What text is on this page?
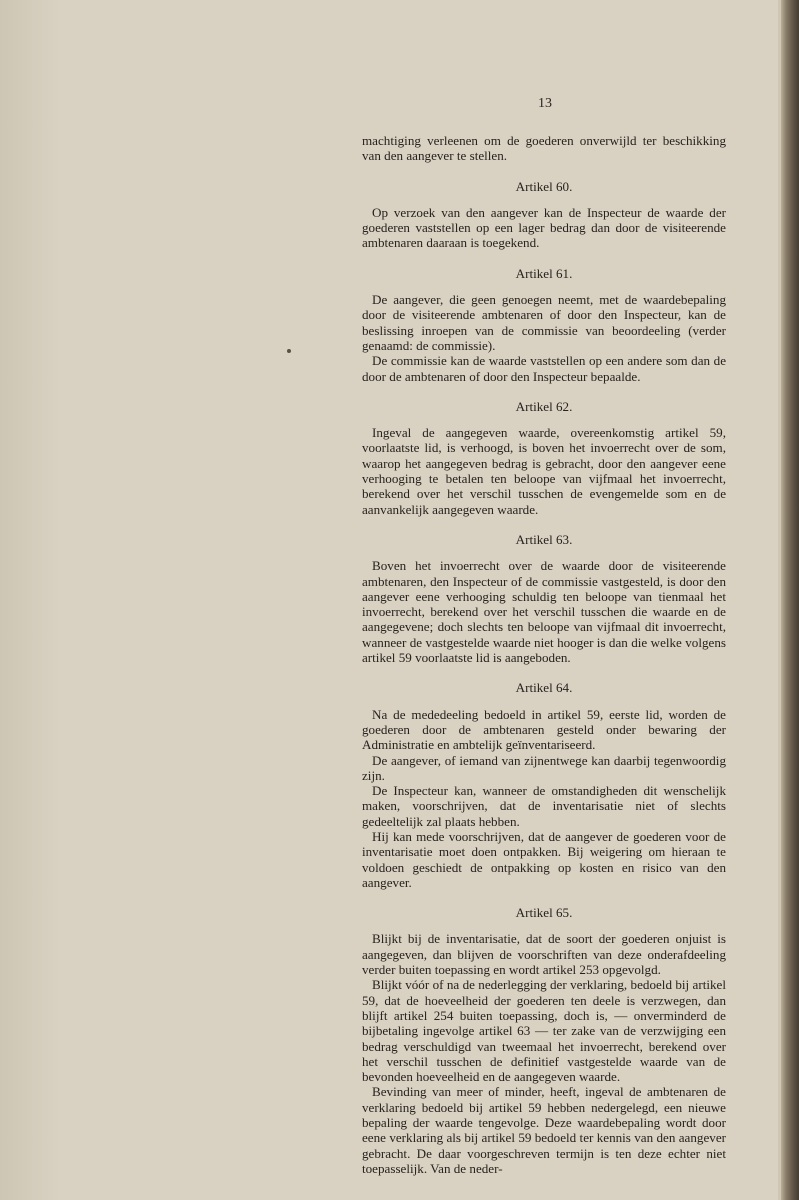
13

machtiging verleenen om de goederen onverwijld ter beschikking van den aangever te stellen.

Artikel 60.

Op verzoek van den aangever kan de Inspecteur de waarde der goederen vaststellen op een lager bedrag dan door de visiteerende ambtenaren daaraan is toegekend.

Artikel 61.

De aangever, die geen genoegen neemt, met de waardebepaling door de visiteerende ambtenaren of door den Inspecteur, kan de beslissing inroepen van de commissie van beoordeeling (verder genaamd: de commissie).

De commissie kan de waarde vaststellen op een andere som dan de door de ambtenaren of door den Inspecteur bepaalde.

Artikel 62.

Ingeval de aangegeven waarde, overeenkomstig artikel 59, voorlaatste lid, is verhoogd, is boven het invoerrecht over de som, waarop het aangegeven bedrag is gebracht, door den aangever eene verhooging te betalen ten beloope van vijfmaal het invoerrecht, berekend over het verschil tusschen de evengemelde som en de aanvankelijk aangegeven waarde.

Artikel 63.

Boven het invoerrecht over de waarde door de visiteerende ambtenaren, den Inspecteur of de commissie vastgesteld, is door den aangever eene verhooging schuldig ten beloope van tienmaal het invoerrecht, berekend over het verschil tusschen die waarde en de aangegevene; doch slechts ten beloope van vijfmaal dit invoerrecht, wanneer de vastgestelde waarde niet hooger is dan die welke volgens artikel 59 voorlaatste lid is aangeboden.

Artikel 64.

Na de mededeeling bedoeld in artikel 59, eerste lid, worden de goederen door de ambtenaren gesteld onder bewaring der Administratie en ambtelijk geïnventariseerd.

De aangever, of iemand van zijnentwege kan daarbij tegenwoordig zijn.

De Inspecteur kan, wanneer de omstandigheden dit wenschelijk maken, voorschrijven, dat de inventarisatie niet of slechts gedeeltelijk zal plaats hebben.

Hij kan mede voorschrijven, dat de aangever de goederen voor de inventarisatie moet doen ontpakken. Bij weigering om hieraan te voldoen geschiedt de ontpakking op kosten en risico van den aangever.

Artikel 65.

Blijkt bij de inventarisatie, dat de soort der goederen onjuist is aangegeven, dan blijven de voorschriften van deze onderafdeeling verder buiten toepassing en wordt artikel 253 opgevolgd.

Blijkt vóór of na de nederlegging der verklaring, bedoeld bij artikel 59, dat de hoeveelheid der goederen ten deele is verzwegen, dan blijft artikel 254 buiten toepassing, doch is, — onverminderd de bijbetaling ingevolge artikel 63 — ter zake van de verzwijging een bedrag verschuldigd van tweemaal het invoerrecht, berekend over het verschil tusschen de definitief vastgestelde waarde van de bevonden hoeveelheid en de aangegeven waarde.

Bevinding van meer of minder, heeft, ingeval de ambtenaren de verklaring bedoeld bij artikel 59 hebben nedergelegd, een nieuwe bepaling der waarde tengevolge. Deze waardebepaling wordt door eene verklaring als bij artikel 59 bedoeld ter kennis van den aangever gebracht. De daar voorgeschreven termijn is ten deze echter niet toepasselijk. Van de neder-
